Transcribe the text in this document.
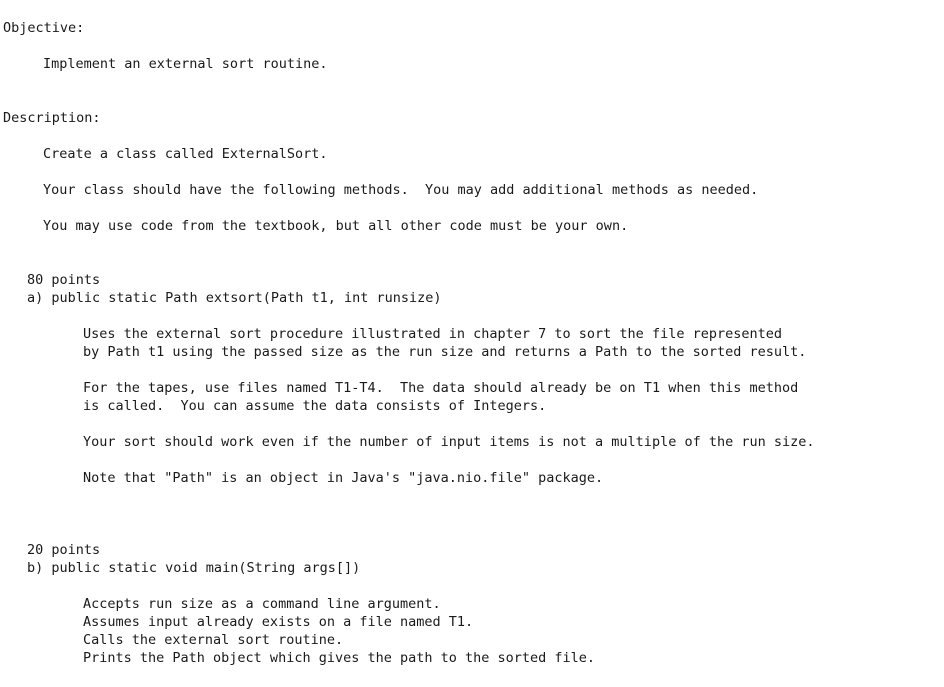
Objective:
Implement an external sort routine.
Description:
Create a class called ExternalSort.
Your class should have the following methods.  You may add additional methods as needed.
You may use code from the textbook, but all other code must be your own.
80 points
a) public static Path extsort(Path t1, int runsize)
Uses the external sort procedure illustrated in chapter 7 to sort the file represented
by Path t1 using the passed size as the run size and returns a Path to the sorted result.
For the tapes, use files named T1-T4.  The data should already be on T1 when this method
is called.  You can assume the data consists of Integers.
Your sort should work even if the number of input items is not a multiple of the run size.
Note that "Path" is an object in Java's "java.nio.file" package.
20 points
b) public static void main(String args[])
Accepts run size as a command line argument.
Assumes input already exists on a file named T1.
Calls the external sort routine.
Prints the Path object which gives the path to the sorted file.
